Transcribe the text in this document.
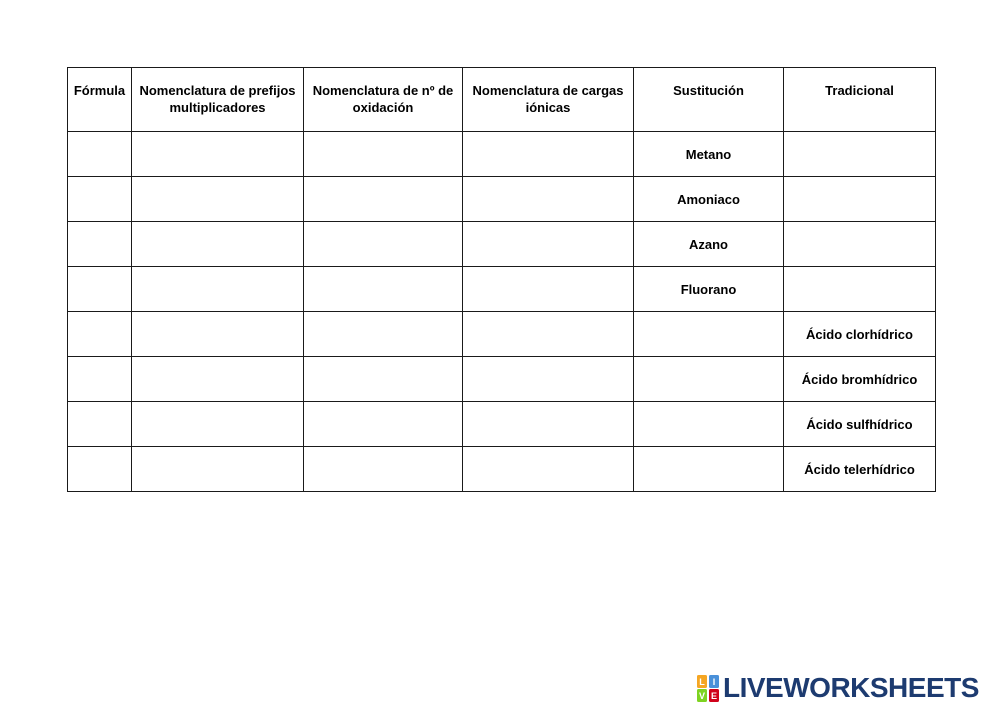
Fórmula	Nomenclatura de prefijos multiplicadores	Nomenclatura de nº de oxidación	Nomenclatura de cargas iónicas	Sustitución	Tradicional
				Metano	
				Amoniaco	
				Azano	
				Fluorano	
					Ácido clorhídrico
					Ácido bromhídrico
					Ácido sulfhídrico
					Ácido telerhídrico
L I
V E LIVEWORKSHEETS
